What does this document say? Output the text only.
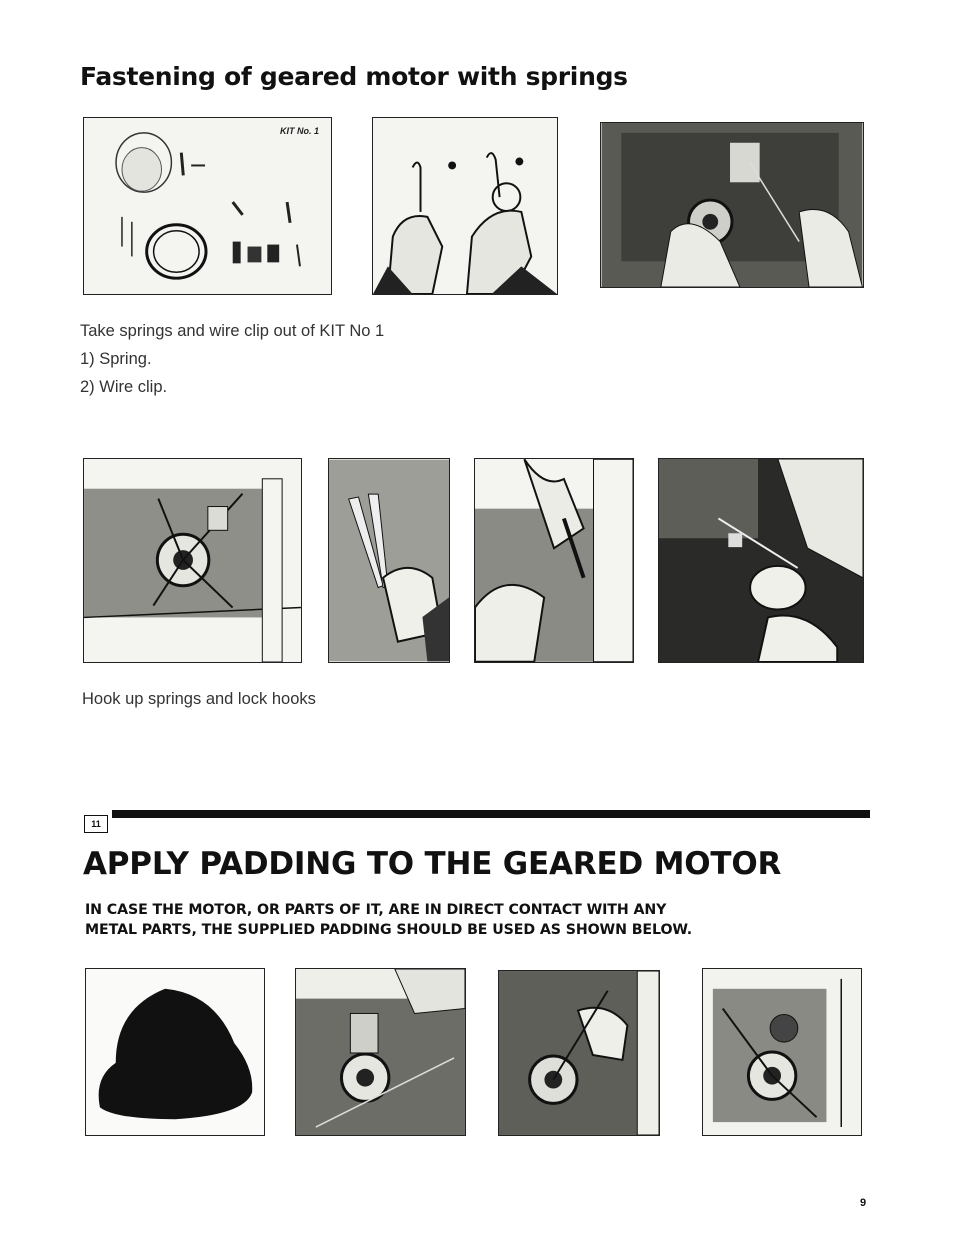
Fastening of geared motor with springs
KIT No. 1
Take springs and wire clip out of KIT No 1
1) Spring.
2) Wire clip.
Hook up springs and lock hooks
11
APPLY PADDING TO THE GEARED MOTOR
IN CASE THE MOTOR, OR PARTS OF IT, ARE IN DIRECT CONTACT WITH ANY
METAL PARTS, THE SUPPLIED PADDING SHOULD BE USED AS SHOWN BELOW.
9
